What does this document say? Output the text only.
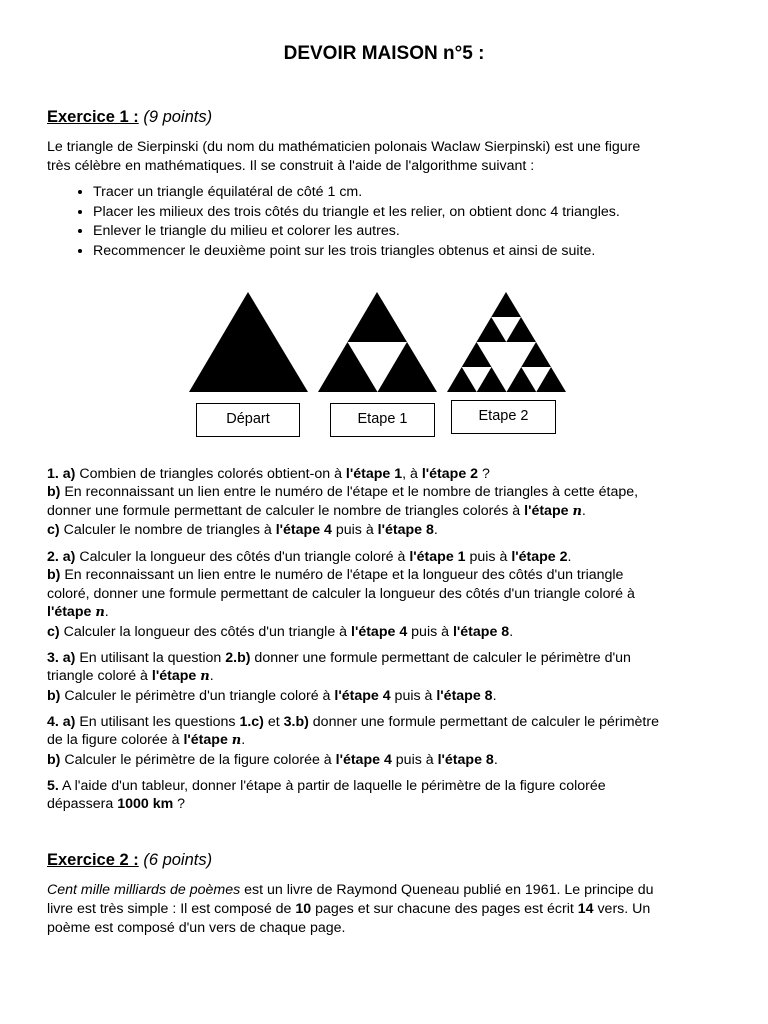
DEVOIR MAISON n°5 :
Exercice 1 : (9 points)
Le triangle de Sierpinski (du nom du mathématicien polonais Waclaw Sierpinski) est une figure
très célèbre en mathématiques. Il se construit à l'aide de l'algorithme suivant :
• Tracer un triangle équilatéral de côté 1 cm.
• Placer les milieux des trois côtés du triangle et les relier, on obtient donc 4 triangles.
• Enlever le triangle du milieu et colorer les autres.
• Recommencer le deuxième point sur les trois triangles obtenus et ainsi de suite.
Départ	Etape 1	Etape 2
1. a) Combien de triangles colorés obtient-on à l'étape 1, à l'étape 2 ?
b) En reconnaissant un lien entre le numéro de l'étape et le nombre de triangles à cette étape,
donner une formule permettant de calculer le nombre de triangles colorés à l'étape n.
c) Calculer le nombre de triangles à l'étape 4 puis à l'étape 8.
2. a) Calculer la longueur des côtés d'un triangle coloré à l'étape 1 puis à l'étape 2.
b) En reconnaissant un lien entre le numéro de l'étape et la longueur des côtés d'un triangle
coloré, donner une formule permettant de calculer la longueur des côtés d'un triangle coloré à
l'étape n.
c) Calculer la longueur des côtés d'un triangle à l'étape 4 puis à l'étape 8.
3. a) En utilisant la question 2.b) donner une formule permettant de calculer le périmètre d'un
triangle coloré à l'étape n.
b) Calculer le périmètre d'un triangle coloré à l'étape 4 puis à l'étape 8.
4. a) En utilisant les questions 1.c) et 3.b) donner une formule permettant de calculer le périmètre
de la figure colorée à l'étape n.
b) Calculer le périmètre de la figure colorée à l'étape 4 puis à l'étape 8.
5. A l'aide d'un tableur, donner l'étape à partir de laquelle le périmètre de la figure colorée
dépassera 1000 km ?
Exercice 2 : (6 points)
Cent mille milliards de poèmes est un livre de Raymond Queneau publié en 1961. Le principe du
livre est très simple : Il est composé de 10 pages et sur chacune des pages est écrit 14 vers. Un
poème est composé d'un vers de chaque page.
